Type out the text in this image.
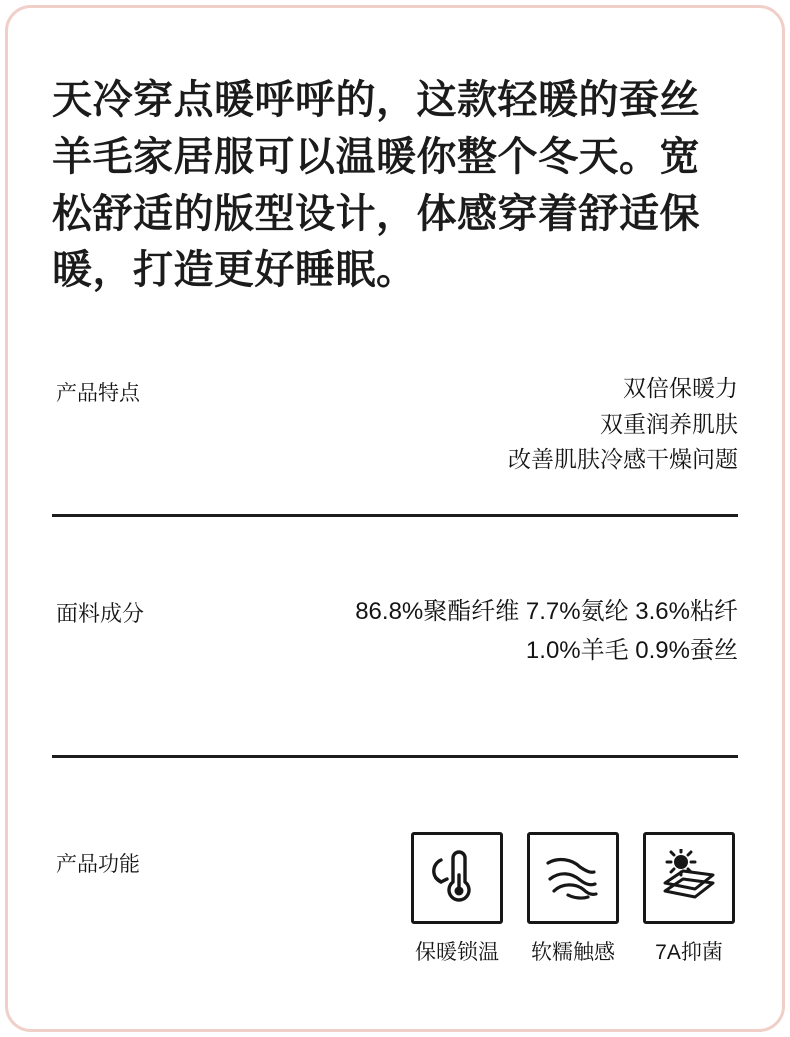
天冷穿点暖呼呼的，这款轻暖的蚕丝羊毛家居服可以温暖你整个冬天。宽松舒适的版型设计，体感穿着舒适保暖，打造更好睡眠。
产品特点	双倍保暖力
双重润养肌肤
改善肌肤冷感干燥问题
面料成分	86.8%聚酯纤维 7.7%氨纶 3.6%粘纤
1.0%羊毛 0.9%蚕丝
产品功能
保暖锁温 软糯触感 7A抑菌
